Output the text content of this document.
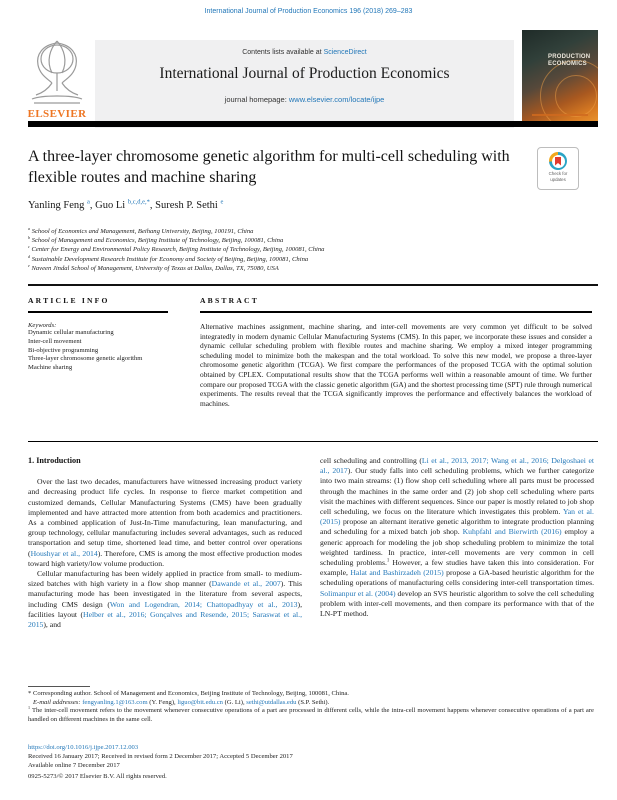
International Journal of Production Economics 196 (2018) 269–283
ELSEVIER
Contents lists available at ScienceDirect
International Journal of Production Economics
journal homepage: www.elsevier.com/locate/ijpe
PRODUCTION
ECONOMICS
A three-layer chromosome genetic algorithm for multi-cell scheduling with flexible routes and machine sharing	Check for
updates
Yanling Feng $^a$, Guo Li $^{b,c,d,e,*}$, Suresh P. Sethi $^e$
$^a$ School of Economics and Management, Beihang University, Beijing, 100191, China
$^b$ School of Management and Economics, Beijing Institute of Technology, Beijing, 100081, China
$^c$ Center for Energy and Environmental Policy Research, Beijing Institute of Technology, Beijing, 100081, China
$^d$ Sustainable Development Research Institute for Economy and Society of Beijing, Beijing, 100081, China
$^e$ Naveen Jindal School of Management, University of Texas at Dallas, Dallas, TX, 75080, USA
ARTICLE INFO
Keywords:
Dynamic cellular manufacturing
Inter-cell movement
Bi-objective programming
Three-layer chromosome genetic algorithm
Machine sharing
ABSTRACT
Alternative machines assignment, machine sharing, and inter-cell movements are very common yet difficult to be solved integratedly in modern dynamic Cellular Manufacturing Systems (CMS). In this paper, we incorporate these issues and consider a dynamic cellular scheduling problem with flexible routes and machine sharing. We employ a mixed integer programming scheduling model to minimize both the makespan and the total workload. To solve this new model, we propose a three-layer chromosome genetic algorithm (TCGA). We first compare the performances of the proposed TCGA with the optimal solution obtained by CPLEX. Computational results show that the TCGA performs well within a reasonable amount of time. We further compare our proposed TCGA with the classic genetic algorithm (GA) and the shortest processing time (SPT) rule through numerical experiments. The results reveal that the TCGA significantly improves the performance and effectively balances the workload of machines.
1. Introduction

Over the last two decades, manufacturers have witnessed increasing product variety and decreasing product life cycles. In response to fierce market competition and customized demands, Cellular Manufacturing Systems (CMS) have been gradually implemented and have attracted more attention from both academics and practitioners. As a combined application of Just-In-Time manufacturing, lean manufacturing, and group technology, cellular manufacturing includes several advantages, such as reduced transportation and setup time, shortened lead time, and better control over operations (Houshyar et al., 2014). Therefore, CMS is among the most effective production modes toward high variety/low volume production.

Cellular manufacturing has been widely applied in practice from small- to medium-sized batches with high variety in a flow shop manner (Dawande et al., 2007). This manufacturing mode has been investigated in the literature from several aspects, including CMS design (Won and Logendran, 2014; Chattopadhyay et al., 2013), facilities layout (Helber et al., 2016; Gonçalves and Resende, 2015; Saraswat et al., 2015), and

cell scheduling and controlling (Li et al., 2013, 2017; Wang et al., 2016; Delgoshaei et al., 2017). Our study falls into cell scheduling problems, which we further categorize into two main streams: (1) flow shop cell scheduling where all parts must be processed through the machines in the same order and (2) job shop cell scheduling where parts visit the machines with different sequences. Since our paper is mostly related to job shop cell scheduling, we focus on the literature which investigates this problem. Yan et al. (2015) propose an alternant iterative genetic algorithm to integrate production planning and scheduling for a mixed batch job shop. Kuhpfahl and Bierwirth (2016) employ a generic approach for modeling the job shop scheduling problem to minimize the total weighted tardiness. In practice, inter-cell movements are very common in cell scheduling problems.$^1$ However, a few studies have taken this into consideration. For example, Halat and Bashirzadeh (2015) propose a GA-based heuristic algorithm for the scheduling operations of manufacturing cells considering inter-cell transportation times. Solimanpur et al. (2004) develop an SVS heuristic algorithm to solve the cell scheduling problem with inter-cell movements, and then compare its performance with that of the LN-PT method.

* Corresponding author. School of Management and Economics, Beijing Institute of Technology, Beijing, 100081, China.

E-mail addresses: fengyanling.1@163.com (Y. Feng), liguo@bit.edu.cn (G. Li), sethi@utdallas.edu (S.P. Sethi).

$^1$ The inter-cell movement refers to the movement whenever consecutive operations of a part are processed in different cells, while the intra-cell movement happens whenever consecutive operations of a part are handled on different machines in the same cell.

https://doi.org/10.1016/j.ijpe.2017.12.003
Received 16 January 2017; Received in revised form 2 December 2017; Accepted 5 December 2017
Available online 7 December 2017
0925-5273/© 2017 Elsevier B.V. All rights reserved.
